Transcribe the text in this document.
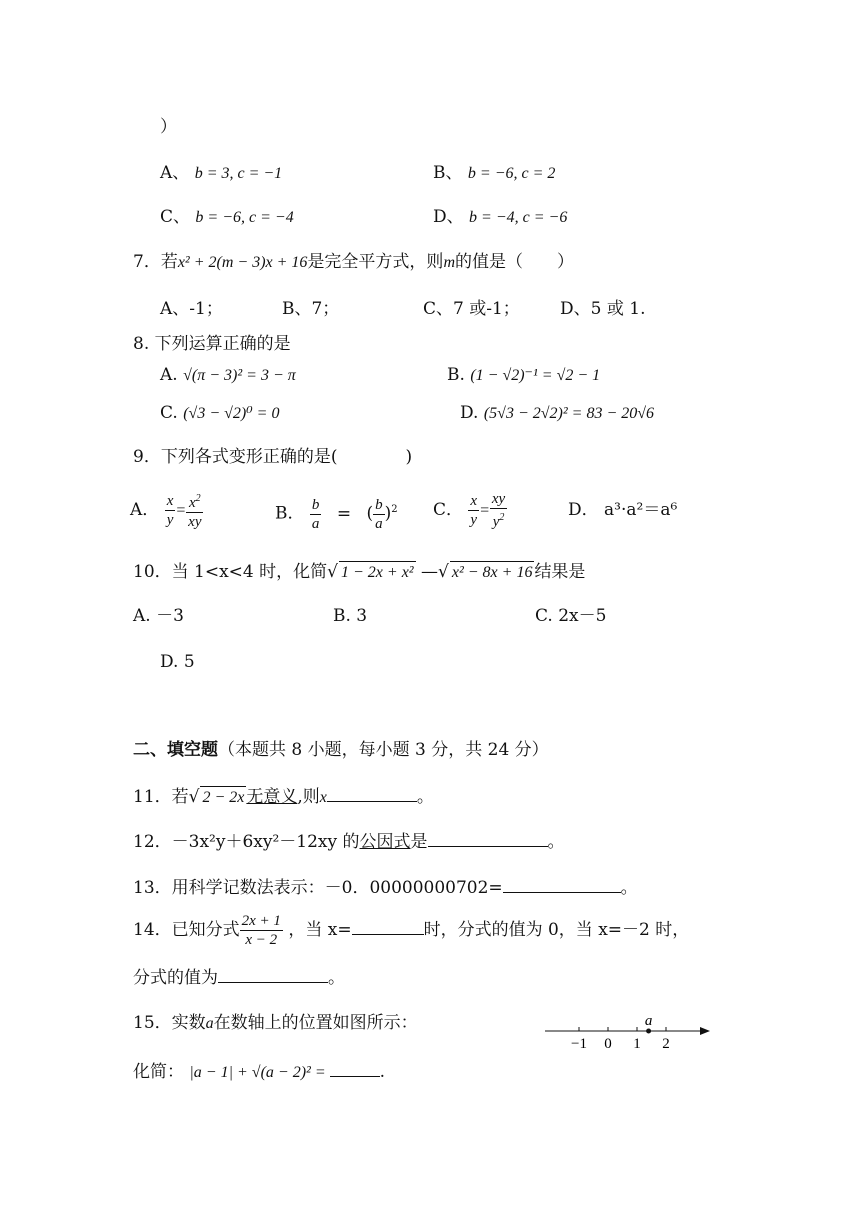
）
A、 b = 3, c = −1	B、 b = −6, c = 2
C、 b = −6, c = −4	D、 b = −4, c = −6
7．若x² + 2(m − 3)x + 16是完全平方式，则m的值是（　　）
A、-1；	B、7；	C、7 或-1； D、5 或 1.
8. 下列运算正确的是
A. √(π − 3)² = 3 − π	B. (1 − √2)⁻¹ = √2 − 1
C. (√3 − √2)⁰ = 0	D. (5√3 − 2√2)² = 83 − 20√6
9．下列各式变形正确的是(　　　　)
A． $\frac{x}{y} = \frac{x^2}{xy}$	B． $\frac{b}{a}$ = ( $\frac{b}{a} )^2$ C． $\frac{x}{y} = \frac{xy}{y^2}$	D． a³·a²＝a⁶
10．当 1<x<4 时，化简√ 1 − 2x + x² —√ x² − 8x + 16 结果是
A. －3	B. 3	C. 2x－5
D. 5
二、填空题（本题共 8 小题，每小题 3 分，共 24 分）
11．若√ 2 − 2x 无意义,则x	。
12．－3x²y＋6xy²－12xy 的公因式是	。
13．用科学记数法表示：－0．00000000702=	。
14．已知分式 $\frac{2x + 1}{x - 2}$ ，当 x=	时，分式的值为 0，当 x=－2 时，
分式的值为	。
15．实数a在数轴上的位置如图所示：
化简： |a − 1| + √(a − 2)² =	.
−1 0 1 2
a
